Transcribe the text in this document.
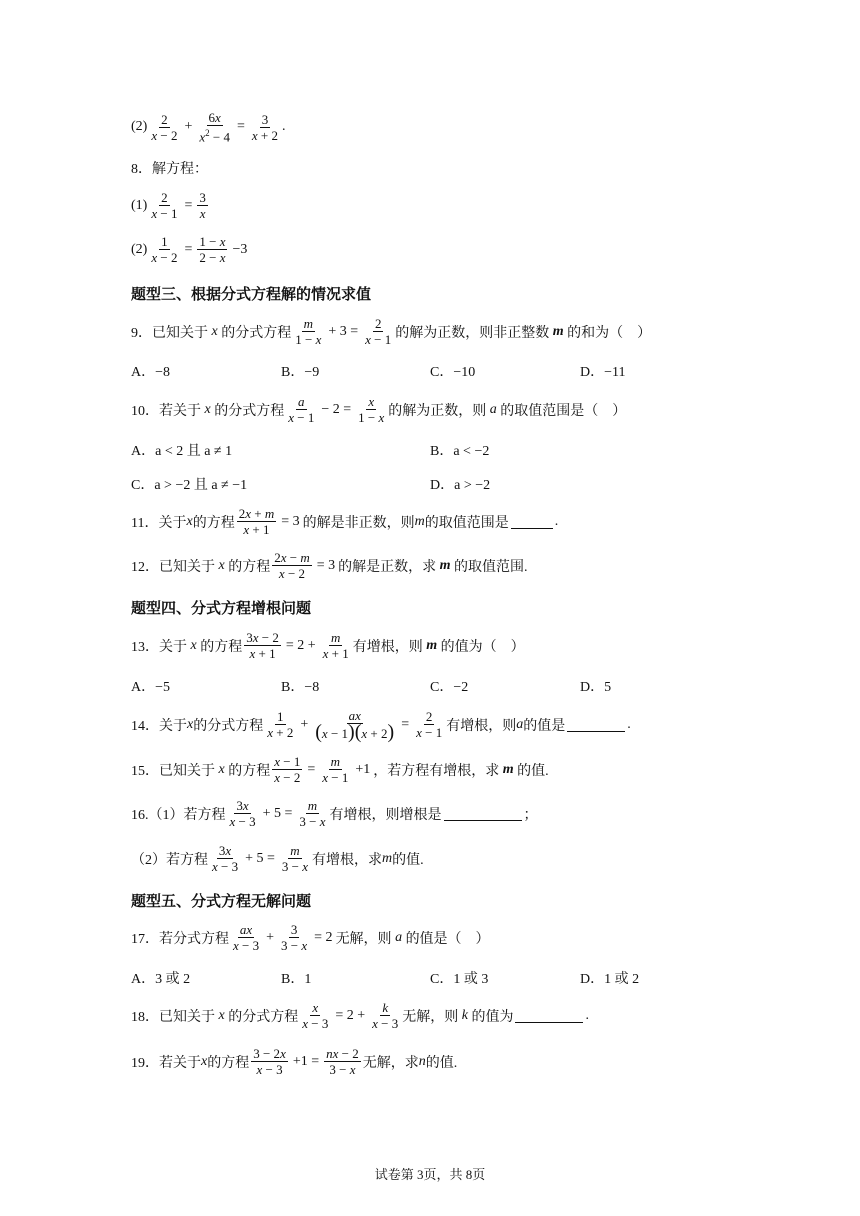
$(2) \frac{2}{x - 2} + \frac{6x}{x^2 - 4} = \frac{3}{x + 2}$ .
8．解方程：
$(1) \frac{2}{x - 1} = \frac{3}{x}$
$(2) \frac{1}{x - 2} = \frac{1 - x}{2 - x} -3$
题型三、根据分式方程解的情况求值
9．已知关于 x 的分式方程 $\frac{m}{1 - x} + 3 = \frac{2}{x - 1}$ 的解为正数，则非正整数 m 的和为（　）
A．−8	B．−9	C．−10	D．−11
10．若关于 x 的分式方程 $\frac{a}{x - 1} - 2 = \frac{x}{1 - x}$ 的解为正数，则 a 的取值范围是（　）
A．a < 2 且 a ≠ 1	B．a < −2
C．a > −2 且 a ≠ −1	D．a > −2
11．关于 x 的方程 $\frac{2x + m}{x + 1} = 3$ 的解是非正数，则 m 的取值范围是	.
12．已知关于 x 的方程 $\frac{2x - m}{x - 2} = 3$ 的解是正数，求 m 的取值范围.
题型四、分式方程增根问题
13．关于 x 的方程 $\frac{3x - 2}{x + 1} = 2 + \frac{m}{x + 1}$ 有增根，则 m 的值为（　）
A．−5	B．−8	C．−2	D．5
14．关于 x 的分式方程 $\frac{1}{x + 2} + \frac{ax}{(x - 1)(x + 2)} = \frac{2}{x - 1}$ 有增根，则 a 的值是	.
15．已知关于 x 的方程 $\frac{x - 1}{x - 2} = \frac{m}{x - 1} +1$ ，若方程有增根，求 m 的值.
16.（1）若方程 $\frac{3x}{x - 3} + 5 = \frac{m}{3 - x}$ 有增根，则增根是	；
（2）若方程 $\frac{3x}{x - 3} + 5 = \frac{m}{3 - x}$ 有增根，求 m 的值.
题型五、分式方程无解问题
17．若分式方程 $\frac{ax}{x - 3} + \frac{3}{3 - x} = 2$ 无解，则 a 的值是（　）
A．3 或 2	B．1	C．1 或 3	D．1 或 2
18．已知关于 x 的分式方程 $\frac{x}{x - 3} = 2 + \frac{k}{x - 3}$ 无解，则 k 的值为	.
19．若关于 x 的方程 $\frac{3 - 2x}{x - 3} +1 = \frac{nx - 2}{3 - x}$ 无解，求 n 的值.
试卷第 3页，共 8页
